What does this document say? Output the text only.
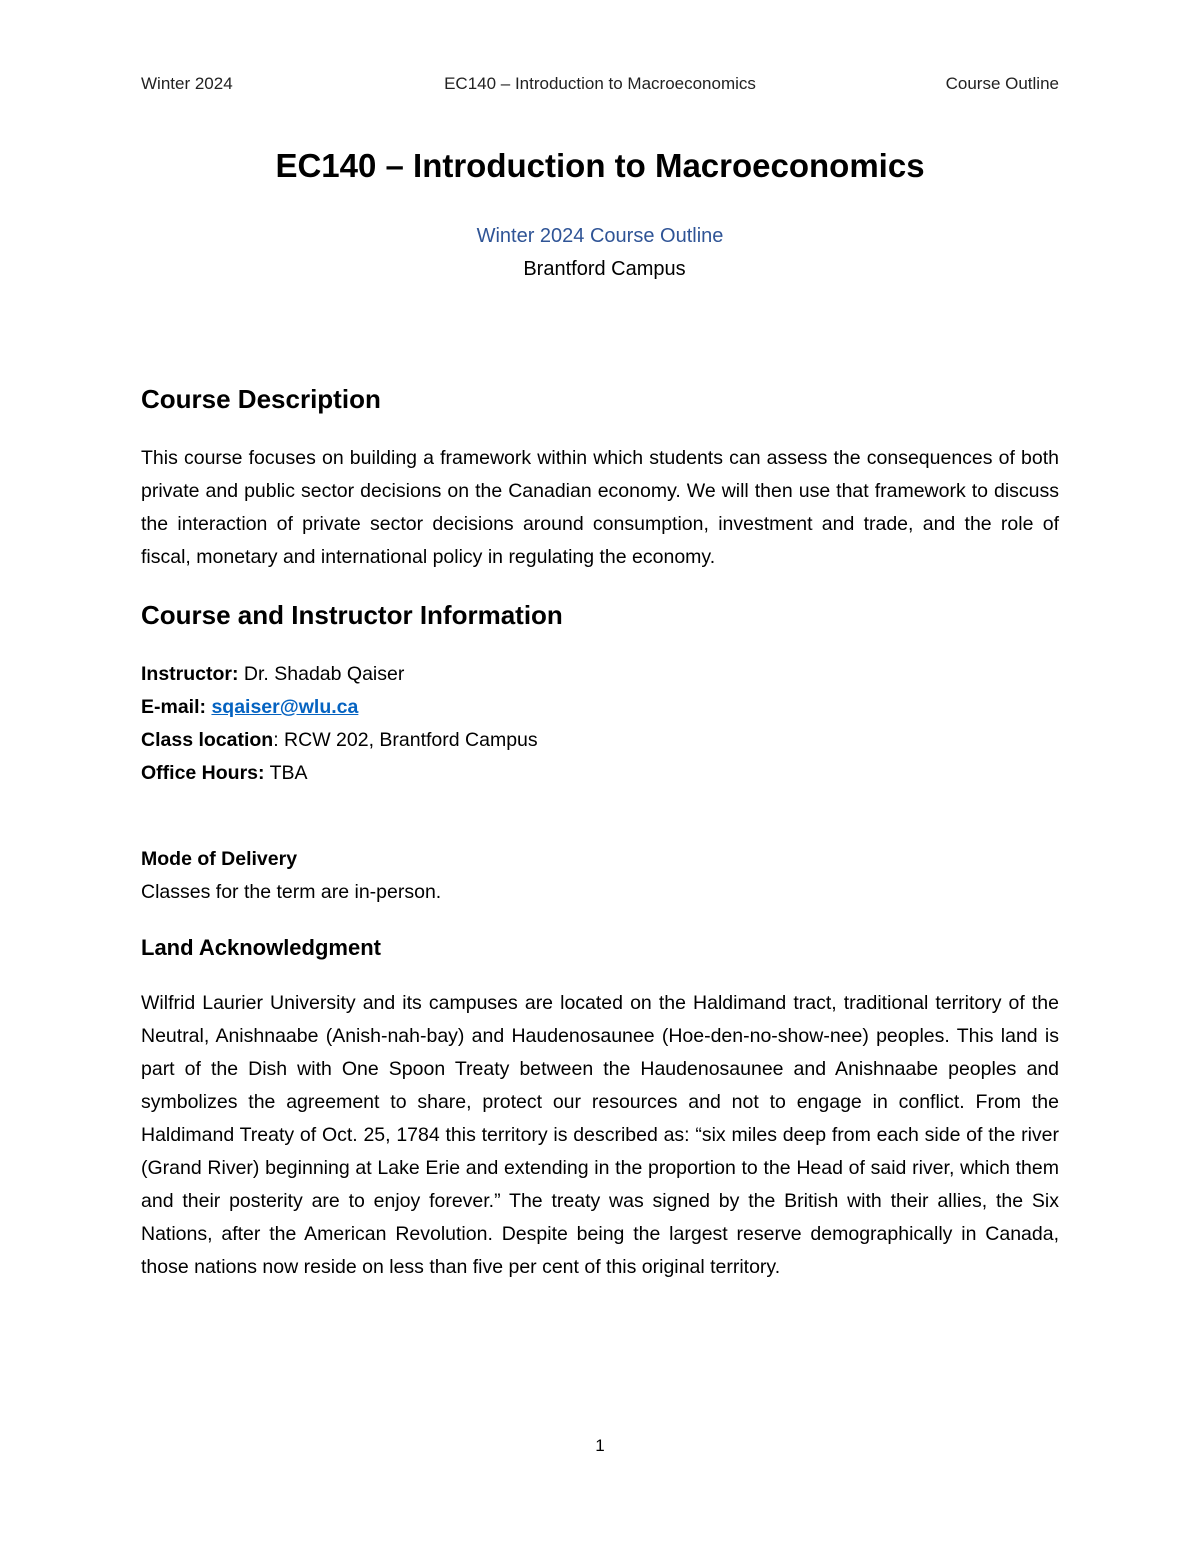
Winter 2024	EC140 – Introduction to Macroeconomics	Course Outline
EC140 – Introduction to Macroeconomics
Winter 2024 Course Outline
Brantford Campus
Course Description

This course focuses on building a framework within which students can assess the consequences of both private and public sector decisions on the Canadian economy. We will then use that framework to discuss the interaction of private sector decisions around consumption, investment and trade, and the role of fiscal, monetary and international policy in regulating the economy.

Course and Instructor Information

Instructor: Dr. Shadab Qaiser

E-mail: sqaiser@wlu.ca

Class location: RCW 202, Brantford Campus

Office Hours: TBA

Mode of Delivery

Classes for the term are in-person.

Land Acknowledgment

Wilfrid Laurier University and its campuses are located on the Haldimand tract, traditional territory of the Neutral, Anishnaabe (Anish-nah-bay) and Haudenosaunee (Hoe-den-no-show-nee) peoples. This land is part of the Dish with One Spoon Treaty between the Haudenosaunee and Anishnaabe peoples and symbolizes the agreement to share, protect our resources and not to engage in conflict. From the Haldimand Treaty of Oct. 25, 1784 this territory is described as: “six miles deep from each side of the river (Grand River) beginning at Lake Erie and extending in the proportion to the Head of said river, which them and their posterity are to enjoy forever.” The treaty was signed by the British with their allies, the Six Nations, after the American Revolution. Despite being the largest reserve demographically in Canada, those nations now reside on less than five per cent of this original territory.

1
